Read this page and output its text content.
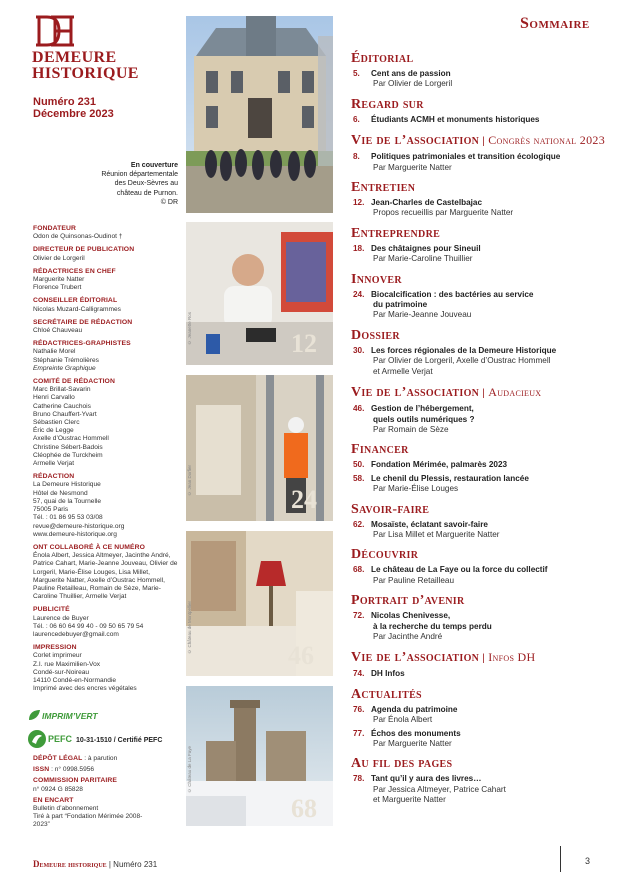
DEMEURE
HISTORIQUE
Numéro 231
Décembre 2023
En couverture
Réunion départementale
des Deux-Sèvres au
château de Purnon.
© DR
FONDATEUR
Odon de Quinsonas-Oudinot †
DIRECTEUR DE PUBLICATION
Olivier de Lorgeril
RÉDACTRICES EN CHEF
Marguerite Natter
Florence Trubert
CONSEILLER ÉDITORIAL
Nicolas Muzard-Calligrammes
SECRÉTAIRE DE RÉDACTION
Chloé Chauveau
RÉDACTRICES-GRAPHISTES
Nathalie Morel
Stéphanie Trémolières
Empreinte Graphique
COMITÉ DE RÉDACTION
Marc Brillat-Savarin
Henri Carvallo
Catherine Cauchois
Bruno Chauffert-Yvart
Sébastien Clerc
Éric de Legge
Axelle d’Oustrac Hommell
Christine Sébert-Badois
Cléophée de Turckheim
Armelle Verjat
RÉDACTION
La Demeure Historique
Hôtel de Nesmond
57, quai de la Tournelle
75005 Paris
Tél. : 01 86 95 53 03/08
revue@demeure-historique.org
www.demeure-historique.org
ONT COLLABORÉ À CE NUMÉRO
Énola Albert, Jessica Altmeyer, Jacinthe André, Patrice Cahart, Marie-Jeanne Jouveau, Olivier de Lorgeril, Marie-Élise Louges, Lisa Millet, Marguerite Natter, Axelle d’Oustrac Hommell, Pauline Retailleau, Romain de Sèze, Marie-Caroline Thuillier, Armelle Verjat
PUBLICITÉ
Laurence de Buyer
Tél. : 06 60 64 99 40 - 09 50 65 79 54
laurencedebuyer@gmail.com
IMPRESSION
Corlet imprimeur
Z.I. rue Maximilien-Vox
Condé-sur-Noireau
14110 Condé-en-Normandie
Imprimé avec des encres végétales
IMPRIM’VERT
PEFC 10-31-1510 / Certifié PEFC
DÉPÔT LÉGAL : à parution
ISSN : n° 0998.5956
COMMISSION PARITAIRE
n° 0924 G 85828
EN ENCART
Bulletin d’abonnement
Tiré à part “Fondation Mérimée 2008-
2023”
© Jeanette Ros	12
© Jean Dorfier
24
© Château de Montpellier
46
© Château de La Faye
68
Sommaire
Éditorial
5. Cent ans de passion
Par Olivier de Lorgeril
Regard sur
6. Étudiants ACMH et monuments historiques
Vie de l’association | Congrès national 2023
8. Politiques patrimoniales et transition écologique
Par Marguerite Natter
Entretien
12. Jean-Charles de Castelbajac
Propos recueillis par Marguerite Natter
Entreprendre
18. Des châtaignes pour Sineuil
Par Marie-Caroline Thuillier
Innover
24. Biocalcification : des bactéries au service
du patrimoine
Par Marie-Jeanne Jouveau
Dossier
30. Les forces régionales de la Demeure Historique
Par Olivier de Lorgeril, Axelle d’Oustrac Hommell
et Armelle Verjat
Vie de l’association | Audacieux
46. Gestion de l’hébergement,
quels outils numériques ?
Par Romain de Sèze
Financer
50. Fondation Mérimée, palmarès 2023
58. Le chenil du Plessis, restauration lancée
Par Marie-Élise Louges
Savoir-faire
62. Mosaïste, éclatant savoir-faire
Par Lisa Millet et Marguerite Natter
Découvrir
68. Le château de La Faye ou la force du collectif
Par Pauline Retailleau
Portrait d’avenir
72. Nicolas Chenivesse,
à la recherche du temps perdu
Par Jacinthe André
Vie de l’association | Infos DH
74. DH Infos
Actualités
76. Agenda du patrimoine
Par Énola Albert
77. Échos des monuments
Par Marguerite Natter
Au fil des pages
78. Tant qu’il y aura des livres…
Par Jessica Altmeyer, Patrice Cahart
et Marguerite Natter
Demeure historique | Numéro 231	3
